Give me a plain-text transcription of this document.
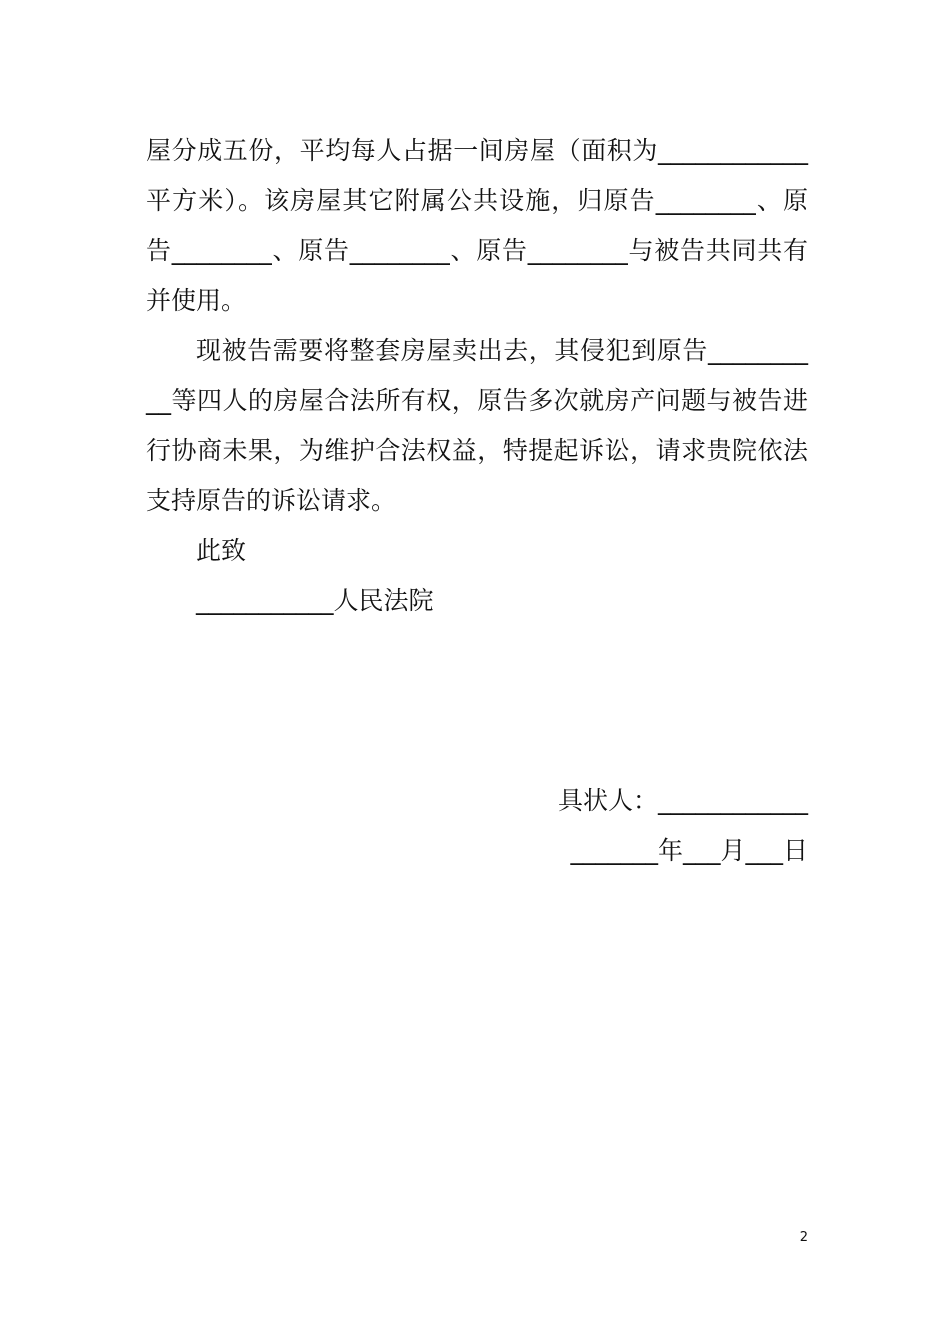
屋分成五份，平均每人占据一间房屋（面积为____________
平方米）。该房屋其它附属公共设施，归原告________、原
告________、原告________、原告________与被告共同共有
并使用。
现被告需要将整套房屋卖出去，其侵犯到原告________
__等四人的房屋合法所有权，原告多次就房产问题与被告进
行协商未果，为维护合法权益，特提起诉讼，请求贵院依法
支持原告的诉讼请求。
此致
___________人民法院
具状人：____________
_______年___月___日
2
